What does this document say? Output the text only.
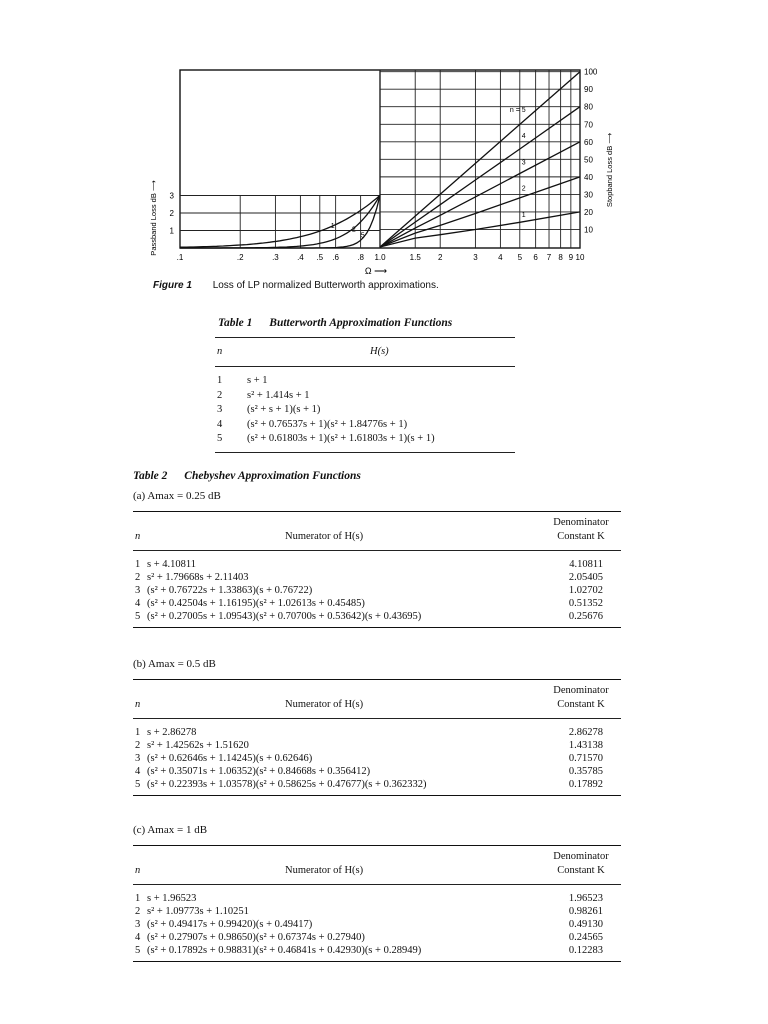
.1	.2	.3 .4 .5 .6 .8 1.0	1.5 2	3	4 5 6 7 8 9 10
Ω ⟶
3
2
1
Passband Loss dB ⟶
100
90
80
70
60
50
40
30
20
10
Stopband Loss dB ⟶
n = 5
4
3
2
1
1 2
5
Figure 1 Loss of LP normalized Butterworth approximations.
Table 1 Butterworth Approximation Functions
n	H(s)
1 s + 1
2 s² + 1.414s + 1
3 (s² + s + 1)(s + 1)
4 (s² + 0.76537s + 1)(s² + 1.84776s + 1)
5 (s² + 0.61803s + 1)(s² + 1.61803s + 1)(s + 1)
Table 2 Chebyshev Approximation Functions
(a) Amax = 0.25 dB
Denominator
Constant K
n	Numerator of H(s)
1 s + 4.10811	4.10811
2 s² + 1.79668s + 2.11403	2.05405
3 (s² + 0.76722s + 1.33863)(s + 0.76722)	1.02702
4 (s² + 0.42504s + 1.16195)(s² + 1.02613s + 0.45485)	0.51352
5 (s² + 0.27005s + 1.09543)(s² + 0.70700s + 0.53642)(s + 0.43695)	0.25676
(b) Amax = 0.5 dB
Denominator
Constant K
n	Numerator of H(s)
1 s + 2.86278	2.86278
2 s² + 1.42562s + 1.51620	1.43138
3 (s² + 0.62646s + 1.14245)(s + 0.62646)	0.71570
4 (s² + 0.35071s + 1.06352)(s² + 0.84668s + 0.356412)	0.35785
5 (s² + 0.22393s + 1.03578)(s² + 0.58625s + 0.47677)(s + 0.362332)	0.17892
(c) Amax = 1 dB
Denominator
Constant K
n	Numerator of H(s)
1 s + 1.96523	1.96523
2 s² + 1.09773s + 1.10251	0.98261
3 (s² + 0.49417s + 0.99420)(s + 0.49417)	0.49130
4 (s² + 0.27907s + 0.98650)(s² + 0.67374s + 0.27940)	0.24565
5 (s² + 0.17892s + 0.98831)(s² + 0.46841s + 0.42930)(s + 0.28949)	0.12283
